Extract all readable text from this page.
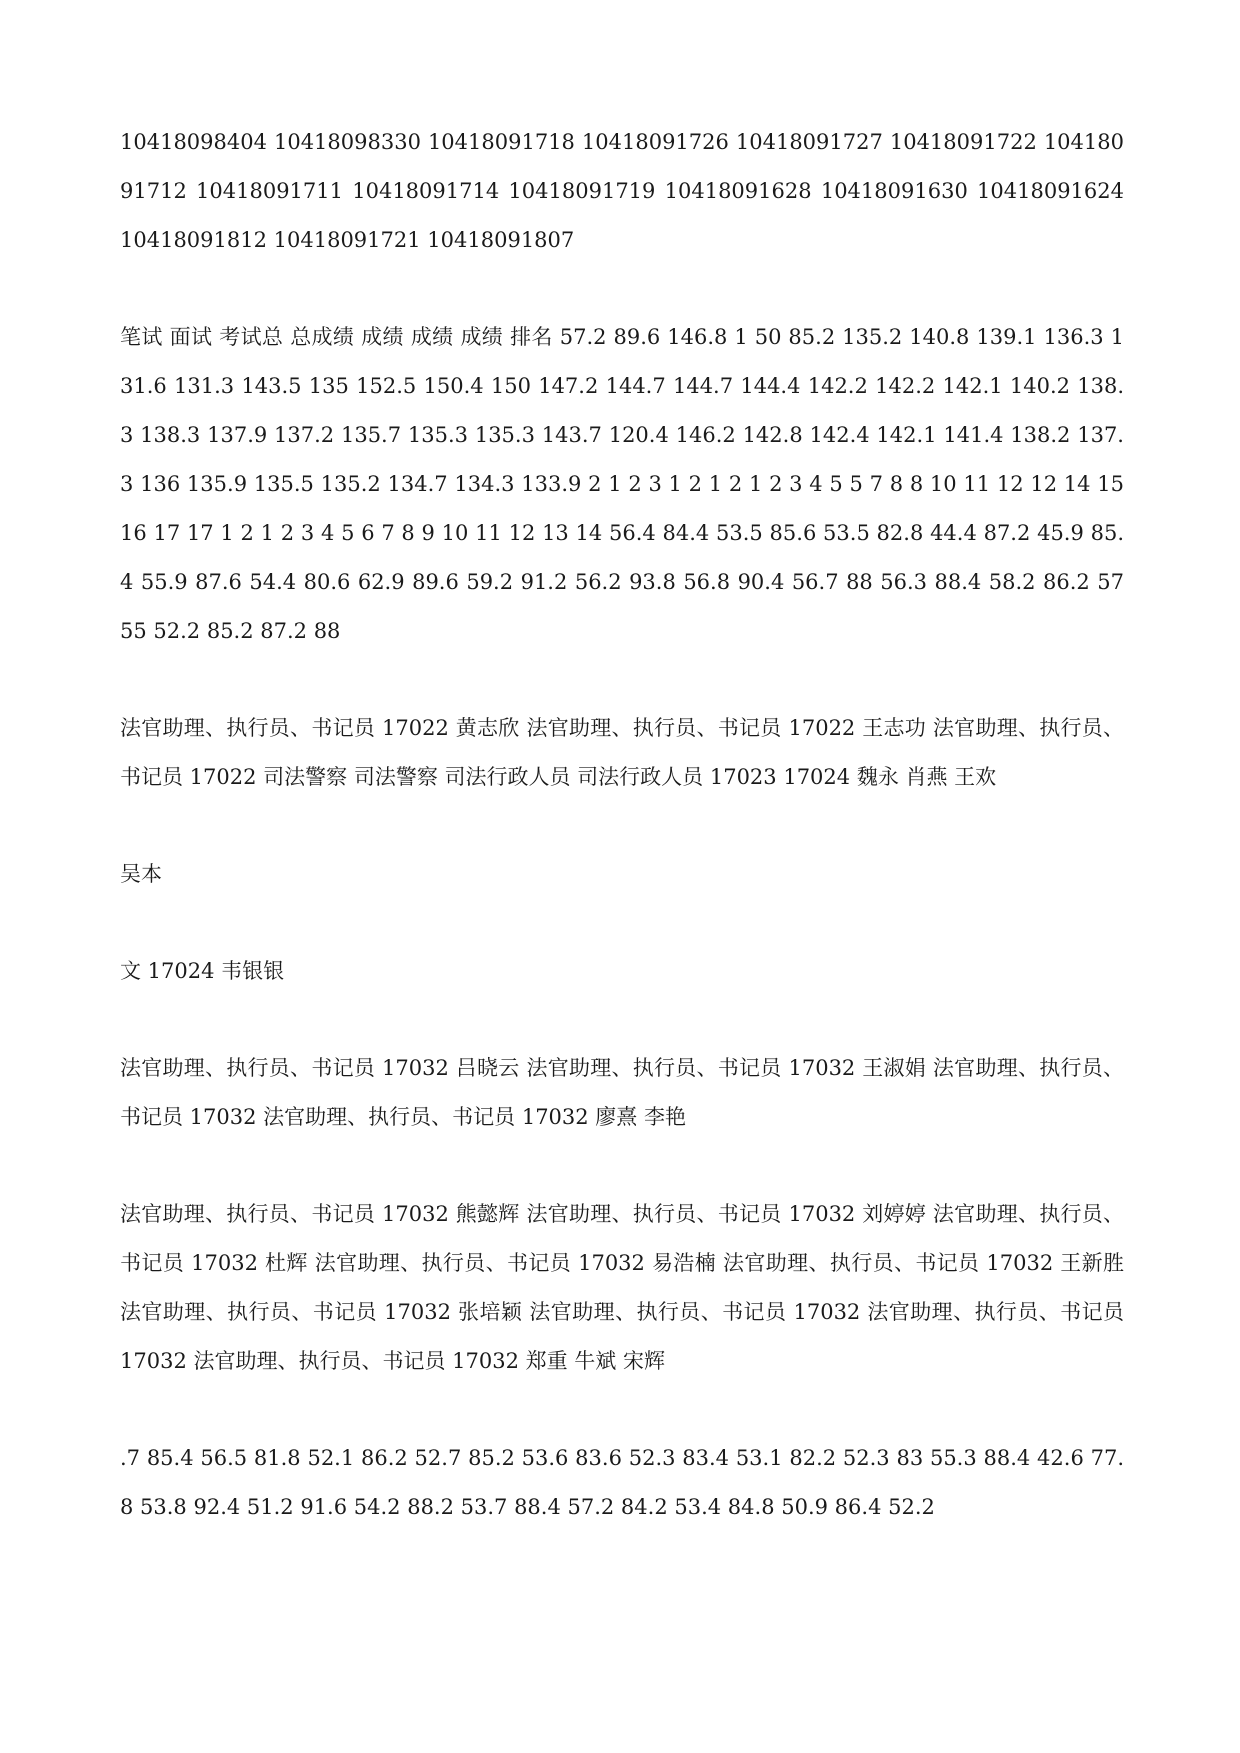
10418098404 10418098330 10418091718 10418091726 10418091727 10418091722 10418091712 10418091711 10418091714 10418091719 10418091628 10418091630 10418091624 10418091812 10418091721 10418091807

笔试 面试 考试总 总成绩 成绩 成绩 成绩 排名 57.2 89.6 146.8 1 50 85.2 135.2 140.8 139.1 136.3 131.6 131.3 143.5 135 152.5 150.4 150 147.2 144.7 144.7 144.4 142.2 142.2 142.1 140.2 138.3 138.3 137.9 137.2 135.7 135.3 135.3 143.7 120.4 146.2 142.8 142.4 142.1 141.4 138.2 137.3 136 135.9 135.5 135.2 134.7 134.3 133.9 2 1 2 3 1 2 1 2 1 2 3 4 5 5 7 8 8 10 11 12 12 14 15 16 17 17 1 2 1 2 3 4 5 6 7 8 9 10 11 12 13 14 56.4 84.4 53.5 85.6 53.5 82.8 44.4 87.2 45.9 85.4 55.9 87.6 54.4 80.6 62.9 89.6 59.2 91.2 56.2 93.8 56.8 90.4 56.7 88 56.3 88.4 58.2 86.2 57 55 52.2 85.2 87.2 88

法官助理、执行员、书记员 17022 黄志欣 法官助理、执行员、书记员 17022 王志功 法官助理、执行员、书记员 17022 司法警察 司法警察 司法行政人员 司法行政人员 17023 17024 魏永 肖燕 王欢

吴本

文 17024 韦银银

法官助理、执行员、书记员 17032 吕晓云 法官助理、执行员、书记员 17032 王淑娟 法官助理、执行员、书记员 17032 法官助理、执行员、书记员 17032 廖熹 李艳

法官助理、执行员、书记员 17032 熊懿辉 法官助理、执行员、书记员 17032 刘婷婷 法官助理、执行员、书记员 17032 杜辉 法官助理、执行员、书记员 17032 易浩楠 法官助理、执行员、书记员 17032 王新胜 法官助理、执行员、书记员 17032 张培颖 法官助理、执行员、书记员 17032 法官助理、执行员、书记员 17032 法官助理、执行员、书记员 17032 郑重 牛斌 宋辉

.7 85.4 56.5 81.8 52.1 86.2 52.7 85.2 53.6 83.6 52.3 83.4 53.1 82.2 52.3 83 55.3 88.4 42.6 77.8 53.8 92.4 51.2 91.6 54.2 88.2 53.7 88.4 57.2 84.2 53.4 84.8 50.9 86.4 52.2
